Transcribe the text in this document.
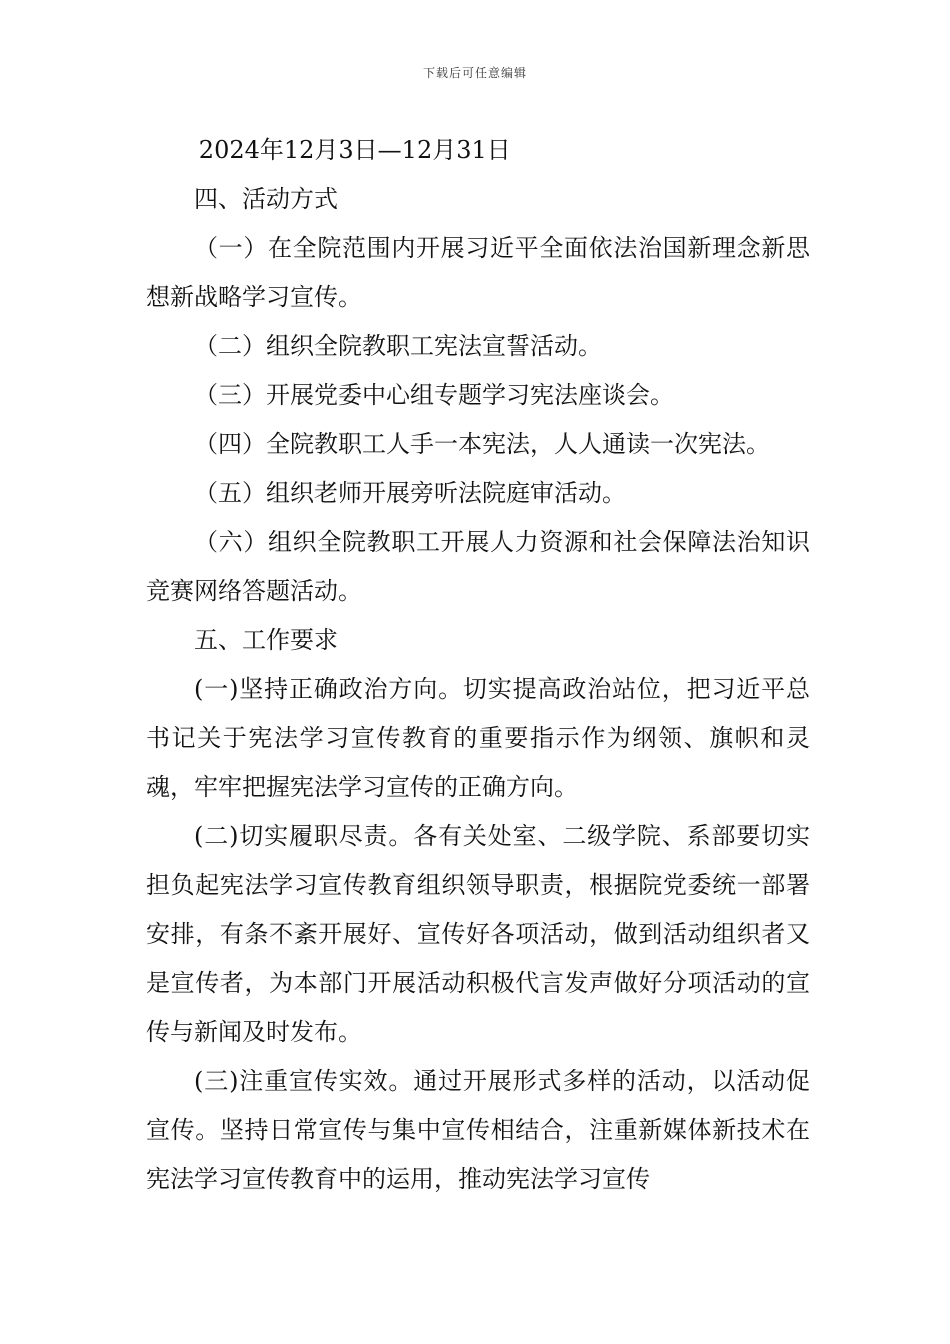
下载后可任意编辑

2024年12月3日—12月31日

四、活动方式

（一）在全院范围内开展习近平全面依法治国新理念新思想新战略学习宣传。

（二）组织全院教职工宪法宣誓活动。

（三）开展党委中心组专题学习宪法座谈会。

（四）全院教职工人手一本宪法，人人通读一次宪法。

（五）组织老师开展旁听法院庭审活动。

（六）组织全院教职工开展人力资源和社会保障法治知识竞赛网络答题活动。

五、工作要求

(一)坚持正确政治方向。切实提高政治站位，把习近平总书记关于宪法学习宣传教育的重要指示作为纲领、旗帜和灵魂，牢牢把握宪法学习宣传的正确方向。

(二)切实履职尽责。各有关处室、二级学院、系部要切实担负起宪法学习宣传教育组织领导职责，根据院党委统一部署安排，有条不紊开展好、宣传好各项活动，做到活动组织者又是宣传者，为本部门开展活动积极代言发声做好分项活动的宣传与新闻及时发布。

(三)注重宣传实效。通过开展形式多样的活动，以活动促宣传。坚持日常宣传与集中宣传相结合，注重新媒体新技术在宪法学习宣传教育中的运用，推动宪法学习宣传
